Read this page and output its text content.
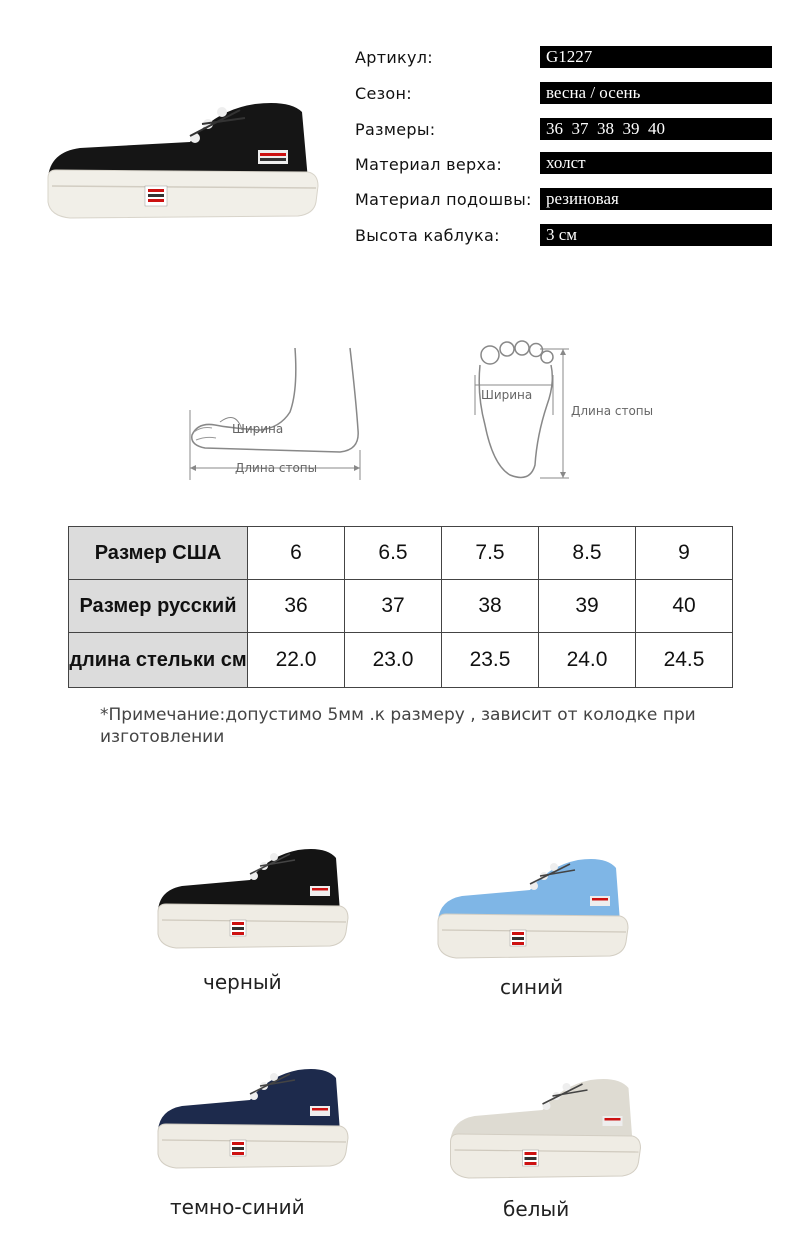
Артикул:	G1227
Сезон:	весна / осень
Размеры:	36  37  38  39  40
Материал верха:	холст
Материал подошвы: резиновая
Высота каблука:	3 см
Ширина
Длина стопы
Ширина
Длина стопы
Размер США	6	6.5	7.5	8.5	9
Размер русский	36	37	38	39	40
длина стельки см	22.0	23.0	23.5	24.0	24.5
*Примечание:допустимо 5мм .к размеру , зависит от колодке при изготовлении
черный	синий
темно-синий	белый
